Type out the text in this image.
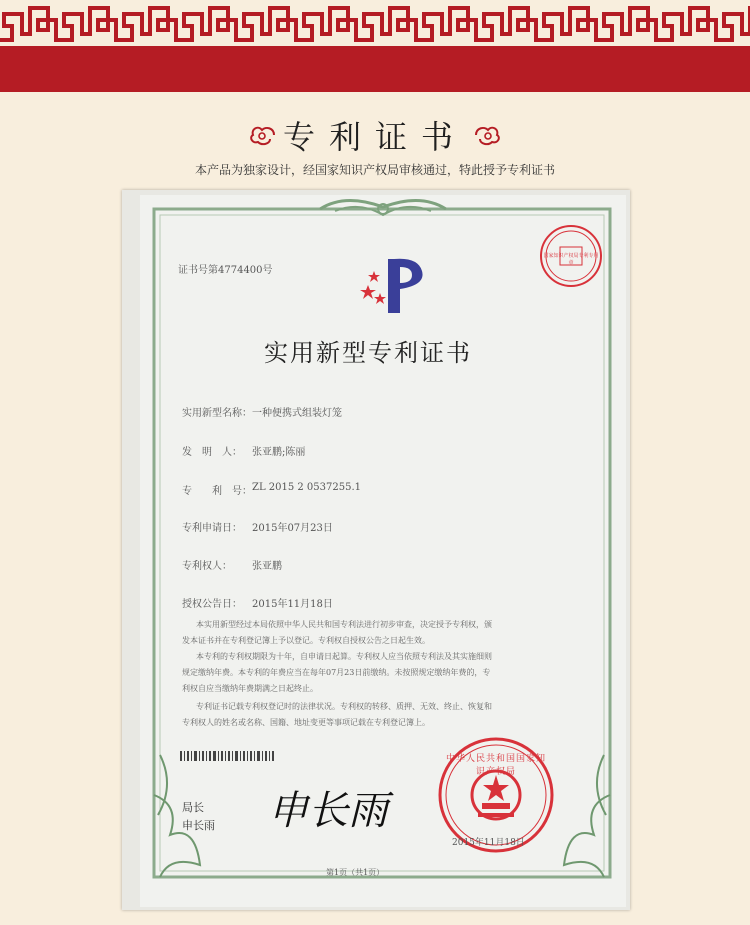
专利证书
本产品为独家设计，经国家知识产权局审核通过，特此授予专利证书
证书号第4774400号
国家知识产权局专利专用章
实用新型专利证书
实用新型名称： 一种便携式组装灯笼
发　明　人： 张亚鹏;陈丽
专　　利　号： ZL 2015 2 0537255.1
专利申请日： 2015年07月23日
专利权人： 张亚鹏
授权公告日： 2015年11月18日
本实用新型经过本局依照中华人民共和国专利法进行初步审查，决定授予专利权，颁
发本证书并在专利登记簿上予以登记。专利权自授权公告之日起生效。
本专利的专利权期限为十年，自申请日起算。专利权人应当依照专利法及其实施细则
规定缴纳年费。本专利的年费应当在每年07月23日前缴纳。未按照规定缴纳年费的，专
利权自应当缴纳年费期满之日起终止。
专利证书记载专利权登记时的法律状况。专利权的转移、质押、无效、终止、恢复和
专利权人的姓名或名称、国籍、地址变更等事项记载在专利登记簿上。
局长
申长雨 申长雨
中华人民共和国国家知识产权局
2015年11月18日
第1页（共1页）
